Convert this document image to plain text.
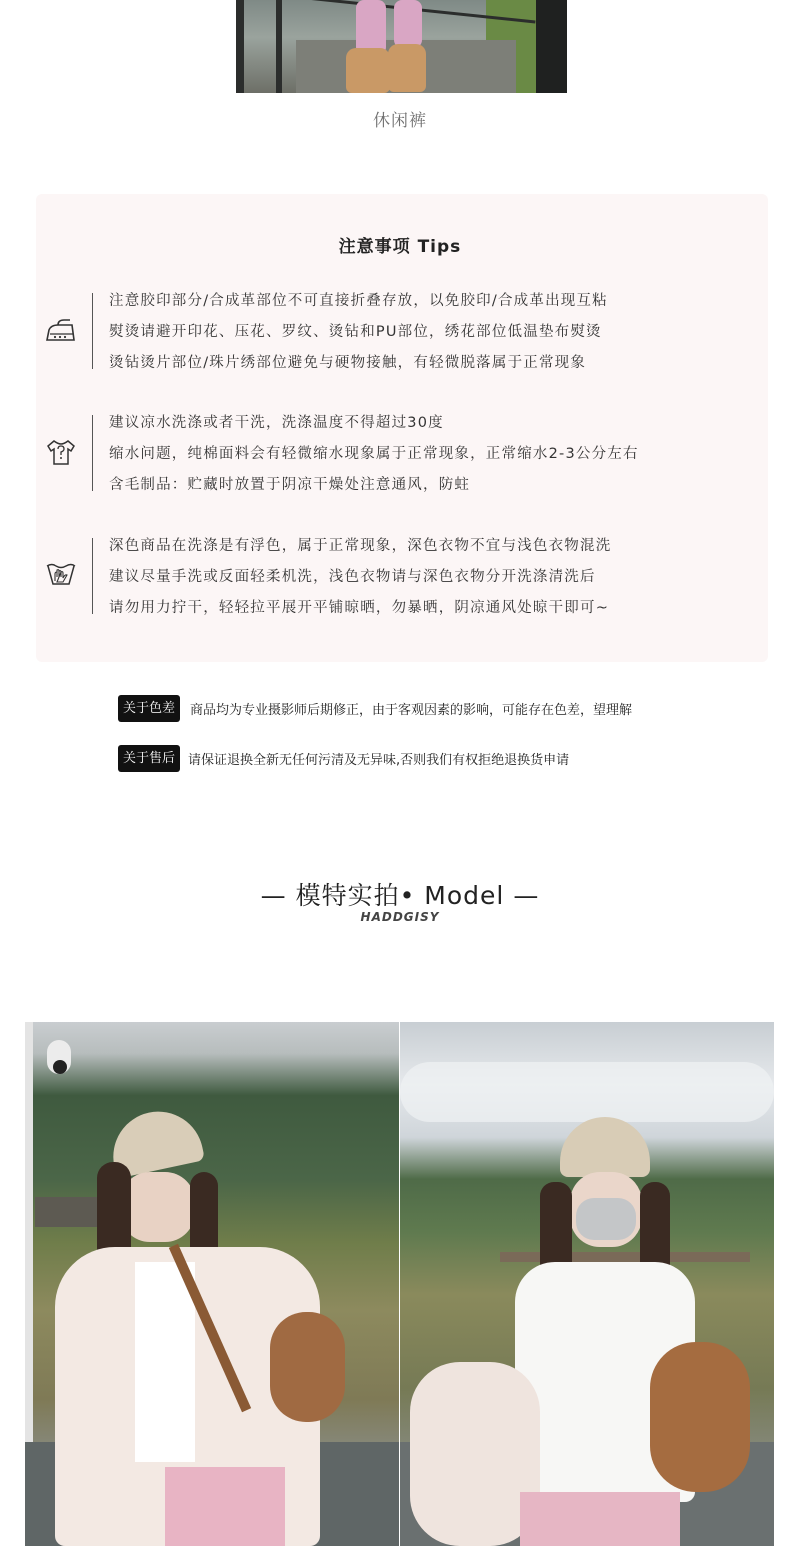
休闲裤
注意事项 Tips
注意胶印部分/合成革部位不可直接折叠存放，以免胶印/合成革出现互粘
熨烫请避开印花、压花、罗纹、烫钻和PU部位，绣花部位低温垫布熨烫
烫钻烫片部位/珠片绣部位避免与硬物接触，有轻微脱落属于正常现象
建议凉水洗涤或者干洗，洗涤温度不得超过30度
缩水问题，纯棉面料会有轻微缩水现象属于正常现象，正常缩水2-3公分左右
含毛制品：贮藏时放置于阴凉干燥处注意通风，防蛀
深色商品在洗涤是有浮色，属于正常现象，深色衣物不宜与浅色衣物混洗
建议尽量手洗或反面轻柔机洗，浅色衣物请与深色衣物分开洗涤清洗后
请勿用力拧干，轻轻拉平展开平铺晾晒，勿暴晒，阴凉通风处晾干即可~
关于色差	商品均为专业摄影师后期修正，由于客观因素的影响，可能存在色差，望理解
关于售后	请保证退换全新无任何污清及无异味,否则我们有权拒绝退换货申请
— 模特实拍• Model —
HADDGISY
